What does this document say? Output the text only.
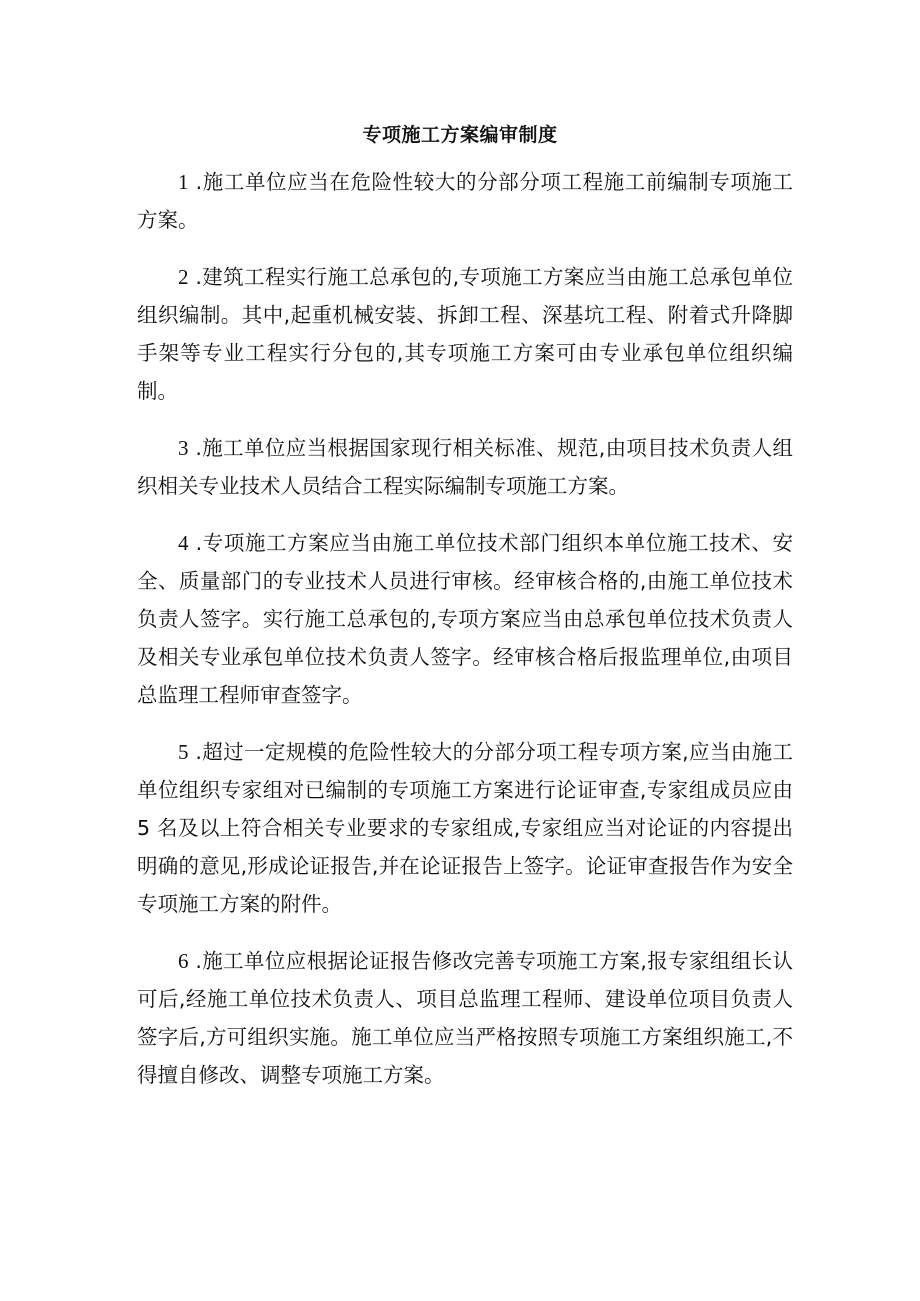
专项施工方案编审制度

1 .施工单位应当在危险性较大的分部分项工程施工前编制专项施工方案。

2 .建筑工程实行施工总承包的,专项施工方案应当由施工总承包单位组织编制。其中,起重机械安装、拆卸工程、深基坑工程、附着式升降脚手架等专业工程实行分包的,其专项施工方案可由专业承包单位组织编制。

3 .施工单位应当根据国家现行相关标准、规范,由项目技术负责人组织相关专业技术人员结合工程实际编制专项施工方案。

4 .专项施工方案应当由施工单位技术部门组织本单位施工技术、安全、质量部门的专业技术人员进行审核。经审核合格的,由施工单位技术负责人签字。实行施工总承包的,专项方案应当由总承包单位技术负责人及相关专业承包单位技术负责人签字。经审核合格后报监理单位,由项目总监理工程师审查签字。

5 .超过一定规模的危险性较大的分部分项工程专项方案,应当由施工单位组织专家组对已编制的专项施工方案进行论证审查,专家组成员应由 5 名及以上符合相关专业要求的专家组成,专家组应当对论证的内容提出明确的意见,形成论证报告,并在论证报告上签字。论证审查报告作为安全专项施工方案的附件。

6 .施工单位应根据论证报告修改完善专项施工方案,报专家组组长认可后,经施工单位技术负责人、项目总监理工程师、建设单位项目负责人签字后,方可组织实施。施工单位应当严格按照专项施工方案组织施工,不得擅自修改、调整专项施工方案。
